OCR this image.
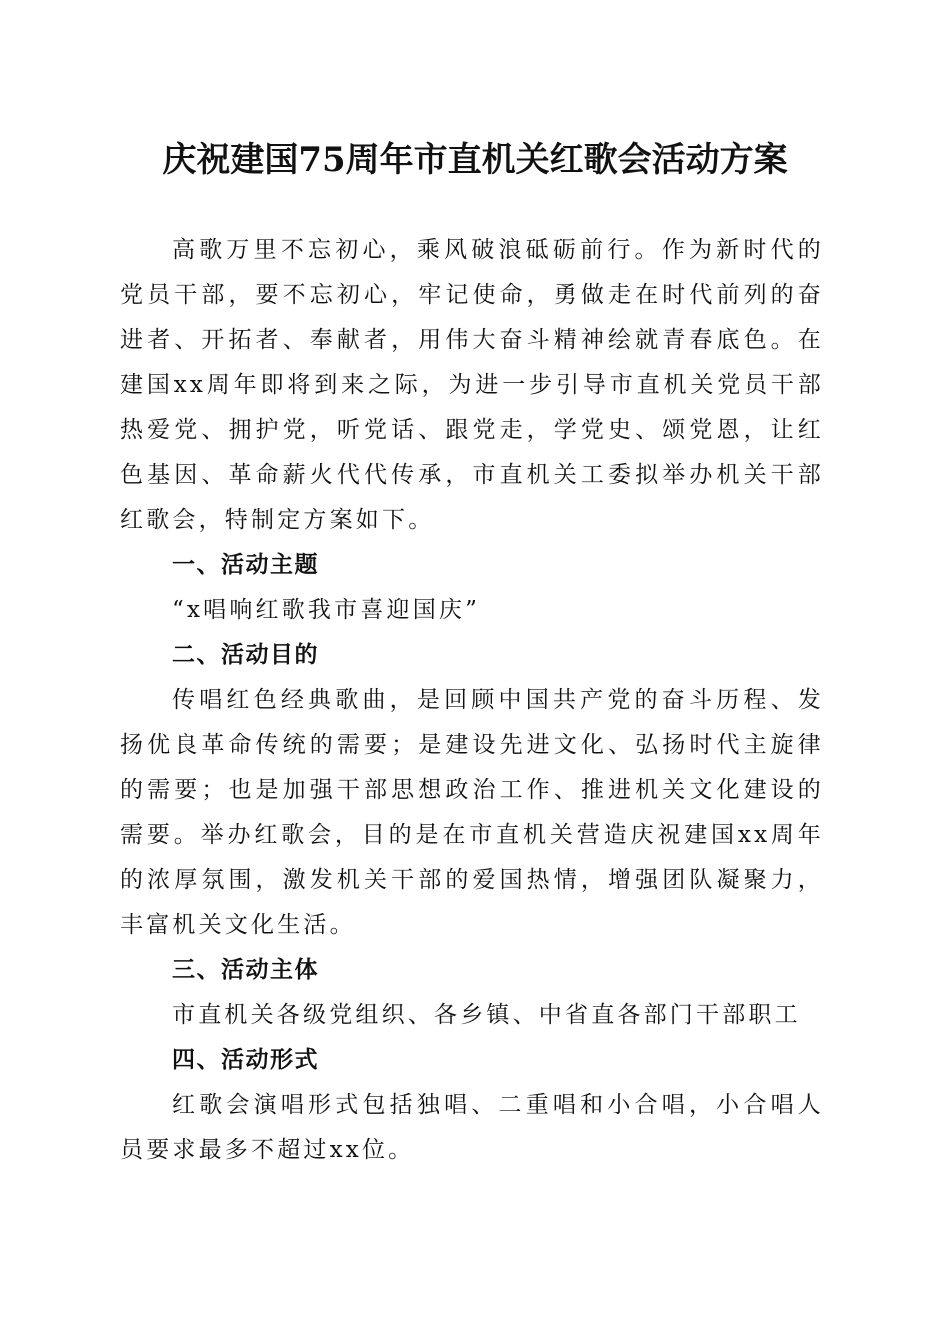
庆祝建国75周年市直机关红歌会活动方案

高歌万里不忘初心，乘风破浪砥砺前行。作为新时代的党员干部，要不忘初心，牢记使命，勇做走在时代前列的奋进者、开拓者、奉献者，用伟大奋斗精神绘就青春底色。在建国xx周年即将到来之际，为进一步引导市直机关党员干部热爱党、拥护党，听党话、跟党走，学党史、颂党恩，让红色基因、革命薪火代代传承，市直机关工委拟举办机关干部红歌会，特制定方案如下。

一、活动主题

“x唱响红歌我市喜迎国庆”

二、活动目的

传唱红色经典歌曲，是回顾中国共产党的奋斗历程、发扬优良革命传统的需要；是建设先进文化、弘扬时代主旋律的需要；也是加强干部思想政治工作、推进机关文化建设的需要。举办红歌会，目的是在市直机关营造庆祝建国xx周年的浓厚氛围，激发机关干部的爱国热情，增强团队凝聚力，丰富机关文化生活。

三、活动主体

市直机关各级党组织、各乡镇、中省直各部门干部职工

四、活动形式

红歌会演唱形式包括独唱、二重唱和小合唱，小合唱人员要求最多不超过xx位。
